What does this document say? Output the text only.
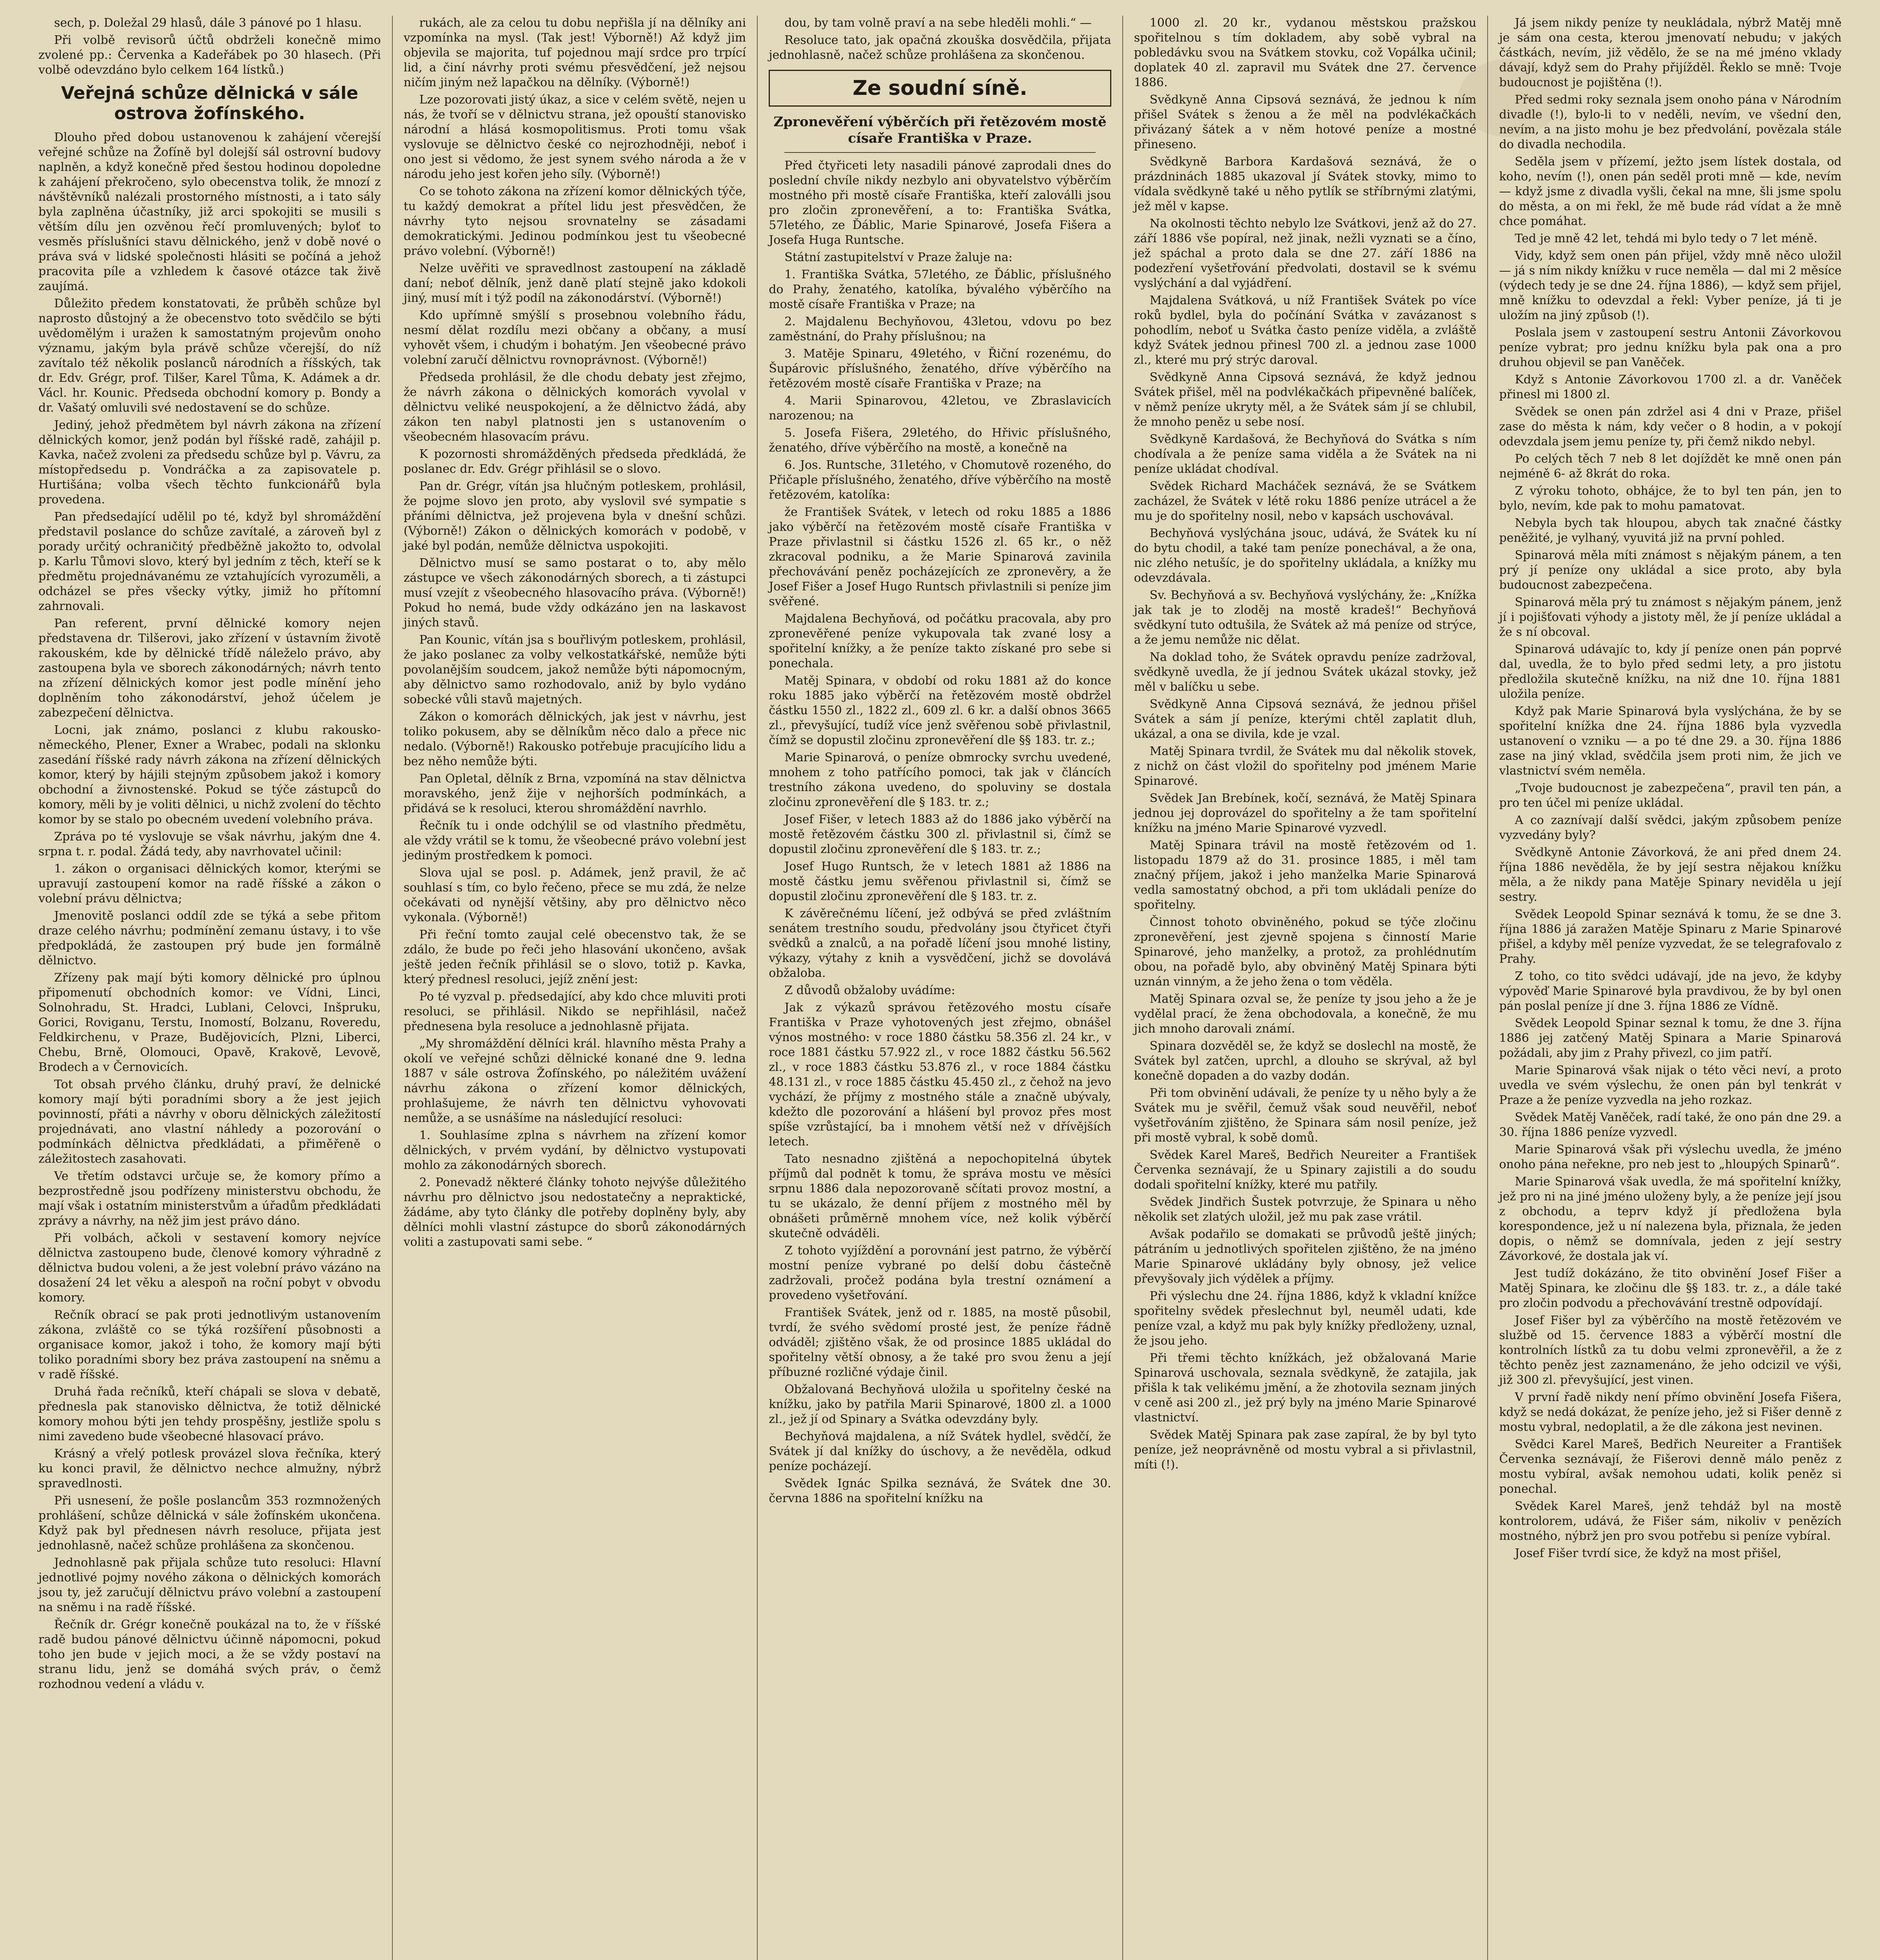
sech, p. Doležal 29 hlasů, dále 3 pánové po 1 hlasu.

Při volbě revisorů účtů obdrželi konečně mimo zvolené pp.: Červenka a Kadeřábek po 30 hlasech. (Při volbě odevzdáno bylo celkem 164 lístků.)

Veřejná schůze dělnická v sále ostrova žofínského.

Dlouho před dobou ustanovenou k zahájení včerejší veřejné schůze na Žofíně byl dolejší sál ostrovní budovy naplněn, a když konečně před šestou hodinou dopoledne k zahájení překročeno, sylo obecenstva tolik, že mnozí z návštěvníků nalézali prostorného místnosti, a i tato sály byla zaplněna účastníky, již arci spokojiti se musili s větším dílu jen ozvěnou řečí promluvených; byloť to vesměs příslušníci stavu dělnického, jenž v době nové o práva svá v lidské společnosti hlásiti se počíná a jehož pracovita píle a vzhledem k časové otázce tak živě zaujímá.

Důležito předem konstatovati, že průběh schůze byl naprosto důstojný a že obecenstvo toto svědčilo se býti uvědomělým i uražen k samostatným projevům onoho významu, jakým byla právě schůze včerejší, do níž zavítalo též několik poslanců národních a říšských, tak dr. Edv. Grégr, prof. Tilšer, Karel Tůma, K. Adámek a dr. Václ. hr. Kounic. Předseda obchodní komory p. Bondy a dr. Vašatý omluvili své nedostavení se do schůze.

Jediný, jehož předmětem byl návrh zákona na zřízení dělnických komor, jenž podán byl říšské radě, zahájil p. Kavka, načež zvoleni za předsedu schůze byl p. Vávru, za místopředsedu p. Vondráčka a za zapisovatele p. Hurtišána; volba všech těchto funkcionářů byla provedena.

Pan předsedající udělil po té, když byl shromáždění představil poslance do schůze zavítalé, a zároveň byl z porady určitý ochraničitý předběžně jakožto to, odvolal p. Karlu Tůmovi slovo, který byl jedním z těch, kteří se k předmětu projednávanému ze vztahujících vyrozuměli, a odcházel se přes všecky výtky, jimiž ho přítomní zahrnovali.

Pan referent, první dělnické komory nejen představena dr. Tilšerovi, jako zřízení v ústavním životě rakouském, kde by dělnické třídě náleželo právo, aby zastoupena byla ve sborech zákonodárných; návrh tento na zřízení dělnických komor jest podle mínění jeho doplněním toho zákonodárství, jehož účelem je zabezpečení dělnictva.

Locni, jak známo, poslanci z klubu rakousko-německého, Plener, Exner a Wrabec, podali na sklonku zasedání říšské rady návrh zákona na zřízení dělnických komor, který by hájili stejným způsobem jakož i komory obchodní a živnostenské. Pokud se týče zástupců do komory, měli by je voliti dělnici, u nichž zvolení do těchto komor by se stalo po obecném uvedení volebního práva.

Zpráva po té vyslovuje se však návrhu, jakým dne 4. srpna t. r. podal. Žádá tedy, aby navrhovatel učinil:

1. zákon o organisaci dělnických komor, kterými se upravují zastoupení komor na radě říšské a zákon o volební právu dělnictva;

Jmenovitě poslanci oddíl zde se týká a sebe přitom draze celého návrhu; podmínění zemanu ústavy, i to vše předpokládá, že zastoupen prý bude jen formálně dělnictvo.

Zřízeny pak mají býti komory dělnické pro úplnou připomenutí obchodních komor: ve Vídni, Linci, Solnohradu, St. Hradci, Lublani, Celovci, Inšpruku, Gorici, Roviganu, Terstu, Inomostí, Bolzanu, Roveredu, Feldkirchenu, v Praze, Budějovicích, Plzni, Liberci, Chebu, Brně, Olomouci, Opavě, Krakově, Levově, Brodech a v Černovicích.

Tot obsah prvého článku, druhý praví, že delnické komory mají býti poradními sbory a že jest jejich povinností, přáti a návrhy v oboru dělnických záležitostí projednávati, ano vlastní náhledy a pozorování o podmínkách dělnictva předkládati, a přiměřeně o záležitostech zasahovati.

Ve třetím odstavci určuje se, že komory přímo a bezprostředně jsou podřízeny ministerstvu obchodu, že mají však i ostatním ministerstvům a úřadům předkládati zprávy a návrhy, na něž jim jest právo dáno.

Při volbách, ačkoli v sestavení komory nejvíce dělnictva zastoupeno bude, členové komory výhradně z dělnictva budou voleni, a že jest volební právo vázáno na dosažení 24 let věku a alespoň na roční pobyt v obvodu komory.

Rečník obrací se pak proti jednotlivým ustanovením zákona, zvláště co se týká rozšíření působnosti a organisace komor, jakož i toho, že komory mají býti toliko poradními sbory bez práva zastoupení na sněmu a v radě říšské.

Druhá řada rečníků, kteří chápali se slova v debatě, přednesla pak stanovisko dělnictva, že totiž dělnické komory mohou býti jen tehdy prospěšny, jestliže spolu s nimi zavedeno bude všeobecné hlasovací právo.

Krásný a vřelý potlesk provázel slova řečníka, který ku konci pravil, že dělnictvo nechce almužny, nýbrž spravedlnosti.

Při usnesení, že pošle poslancům 353 rozmnožených prohlášení, schůze dělnická v sále žofínském ukončena. Když pak byl přednesen návrh resoluce, přijata jest jednohlasně, načež schůze prohlášena za skončenou.

Jednohlasně pak přijala schůze tuto resoluci: Hlavní jednotlivé pojmy nového zákona o dělnických komorách jsou ty, jež zaručují dělnictvu právo volební a zastoupení na sněmu i na radě říšské.

Řečník dr. Grégr konečně poukázal na to, že v říšské radě budou pánové dělnictvu účinně nápomocni, pokud toho jen bude v jejich moci, a že se vždy postaví na stranu lidu, jenž se domáhá svých práv, o čemž rozhodnou vedení a vládu v.

rukách, ale za celou tu dobu nepřišla jí na dělníky ani vzpomínka na mysl. (Tak jest! Výborně!) Až když jim objevila se majorita, tuf pojednou mají srdce pro trpící lid, a činí návrhy proti svému přesvědčení, jež nejsou ničím jiným než lapačkou na dělníky. (Výborně!)

Lze pozorovati jistý úkaz, a sice v celém světě, nejen u nás, že tvoří se v dělnictvu strana, jež opouští stanovisko národní a hlásá kosmopolitismus. Proti tomu však vyslovuje se dělnictvo české co nejrozhodněji, neboť i ono jest si vědomo, že jest synem svého národa a že v národu jeho jest kořen jeho síly. (Výborně!)

Co se tohoto zákona na zřízení komor dělnických týče, tu každý demokrat a přítel lidu jest přesvědčen, že návrhy tyto nejsou srovnatelny se zásadami demokratickými. Jedinou podmínkou jest tu všeobecné právo volební. (Výborně!)

Nelze uvěřiti ve spravedlnost zastoupení na základě daní; neboť dělník, jenž daně platí stejně jako kdokoli jiný, musí mít i týž podíl na zákonodárství. (Výborně!)

Kdo upřímně smýšlí s prosebnou volebního řádu, nesmí dělat rozdílu mezi občany a občany, a musí vyhovět všem, i chudým i bohatým. Jen všeobecné právo volební zaručí dělnictvu rovnoprávnost. (Výborně!)

Předseda prohlásil, že dle chodu debaty jest zřejmo, že návrh zákona o dělnických komorách vyvolal v dělnictvu veliké neuspokojení, a že dělnictvo žádá, aby zákon ten nabyl platnosti jen s ustanovením o všeobecném hlasovacím právu.

K pozornosti shromážděných předseda předkládá, že poslanec dr. Edv. Grégr přihlásil se o slovo.

Pan dr. Grégr, vítán jsa hlučným potleskem, prohlásil, že pojme slovo jen proto, aby vyslovil své sympatie s přáními dělnictva, jež projevena byla v dnešní schůzi. (Výborně!) Zákon o dělnických komorách v podobě, v jaké byl podán, nemůže dělnictva uspokojiti.

Dělnictvo musí se samo postarat o to, aby mělo zástupce ve všech zákonodárných sborech, a ti zástupci musí vzejít z všeobecného hlasovacího práva. (Výborně!) Pokud ho nemá, bude vždy odkázáno jen na laskavost jiných stavů.

Pan Kounic, vítán jsa s bouřlivým potleskem, prohlásil, že jako poslanec za volby velkostatkářské, nemůže býti povolanějším soudcem, jakož nemůže býti nápomocným, aby dělnictvo samo rozhodovalo, aniž by bylo vydáno sobecké vůli stavů majetných.

Zákon o komorách dělnických, jak jest v návrhu, jest toliko pokusem, aby se dělníkům něco dalo a přece nic nedalo. (Výborně!) Rakousko potřebuje pracujícího lidu a bez něho nemůže býti.

Pan Opletal, dělník z Brna, vzpomíná na stav dělnictva moravského, jenž žije v nejhorších podmínkách, a přidává se k resoluci, kterou shromáždění navrhlo.

Řečník tu i onde odchýlil se od vlastního předmětu, ale vždy vrátil se k tomu, že všeobecné právo volební jest jediným prostředkem k pomoci.

Slova ujal se posl. p. Adámek, jenž pravil, že ač souhlasí s tím, co bylo řečeno, přece se mu zdá, že nelze očekávati od nynější většiny, aby pro dělnictvo něco vykonala. (Výborně!)

Při řeční tomto zaujal celé obecenstvo tak, že se zdálo, že bude po řeči jeho hlasování ukončeno, avšak ještě jeden řečník přihlásil se o slovo, totiž p. Kavka, který přednesl resoluci, jejíž znění jest:

Po té vyzval p. předsedající, aby kdo chce mluviti proti resoluci, se přihlásil. Nikdo se nepřihlásil, načež přednesena byla resoluce a jednohlasně přijata.

„My shromáždění dělníci král. hlavního města Prahy a okolí ve veřejné schůzi dělnické konané dne 9. ledna 1887 v sále ostrova Žofínského, po náležitém uvážení návrhu zákona o zřízení komor dělnických, prohlašujeme, že návrh ten dělnictvu vyhovovati nemůže, a se usnášíme na následující resoluci:

1. Souhlasíme zplna s návrhem na zřízení komor dělnických, v prvém vydání, by dělnictvo vystupovati mohlo za zákonodárných sborech.

2. Ponevadž některé články tohoto nejvýše důležitého návrhu pro dělnictvo jsou nedostatečny a nepraktické, žádáme, aby tyto články dle potřeby doplněny byly, aby dělníci mohli vlastní zástupce do sborů zákonodárných voliti a zastupovati sami sebe. “

dou, by tam volně praví a na sebe hleděli mohli.“ —

Resoluce tato, jak opačná zkouška dosvědčila, přijata jednohlasně, načež schůze prohlášena za skončenou.

Ze soudní síně.
Zpronevěření výběrčích při řetězovém mostě císaře Františka v Praze.

Před čtyřiceti lety nasadili pánové zaprodali dnes do poslední chvíle nikdy nezbylo ani obyvatelstvo výběrčím mostného při mostě císaře Františka, kteří zaloválli jsou pro zločin zpronevěření, a to: Františka Svátka, 57letého, ze Ďáblic, Marie Spinarové, Josefa Fišera a Josefa Huga Runtsche.

Státní zastupitelství v Praze žaluje na:

1. Františka Svátka, 57letého, ze Ďáblic, příslušného do Prahy, ženatého, katolíka, bývalého výběrčího na mostě císaře Františka v Praze; na

2. Majdalenu Bechyňovou, 43letou, vdovu po bez zaměstnání, do Prahy příslušnou; na

3. Matěje Spinaru, 49letého, v Řiční rozenému, do Šupárovic příslušného, ženatého, dříve výběrčího na řetězovém mostě císaře Františka v Praze; na

4. Marii Spinarovou, 42letou, ve Zbraslavicích narozenou; na

5. Josefa Fišera, 29letého, do Hřivic příslušného, ženatého, dříve výběrčího na mostě, a konečně na

6. Jos. Runtsche, 31letého, v Chomutově rozeného, do Přičaple příslušného, ženatého, dříve výběrčího na mostě řetězovém, katolíka:

že František Svátek, v letech od roku 1885 a 1886 jako výběrčí na řetězovém mostě císaře Františka v Praze přivlastnil si částku 1526 zl. 65 kr., o něž zkracoval podniku, a že Marie Spinarová zavinila přechovávání peněz pocházejících ze zpronevěry, a že Josef Fišer a Josef Hugo Runtsch přivlastnili si peníze jim svěřené.

Majdalena Bechyňová, od počátku pracovala, aby pro zpronevěřené peníze vykupovala tak zvané losy a spořitelní knížky, a že peníze takto získané pro sebe si ponechala.

Matěj Spinara, v období od roku 1881 až do konce roku 1885 jako výběrčí na řetězovém mostě obdržel částku 1550 zl., 1822 zl., 609 zl. 6 kr. a další obnos 3665 zl., převyšující, tudíž více jenž svěřenou sobě přivlastnil, čímž se dopustil zločinu zpronevěření dle §§ 183. tr. z.;

Marie Spinarová, o peníze obmrocky svrchu uvedené, mnohem z toho patřícího pomoci, tak jak v článcích trestního zákona uvedeno, do spoluviny se dostala zločinu zpronevěření dle § 183. tr. z.;

Josef Fišer, v letech 1883 až do 1886 jako výběrčí na mostě řetězovém částku 300 zl. přivlastnil si, čímž se dopustil zločinu zpronevěření dle § 183. tr. z.;

Josef Hugo Runtsch, že v letech 1881 až 1886 na mostě částku jemu svěřenou přivlastnil si, čímž se dopustil zločinu zpronevěření dle § 183. tr. z.

K závěrečnému líčení, jež odbývá se před zvláštním senátem trestního soudu, předvolány jsou čtyřicet čtyři svědků a znalců, a na pořadě líčení jsou mnohé listiny, výkazy, výtahy z knih a vysvědčení, jichž se dovolává obžaloba.

Z důvodů obžaloby uvádíme:

Jak z výkazů správou řetězového mostu císaře Františka v Praze vyhotovených jest zřejmo, obnášel výnos mostného: v roce 1880 částku 58.356 zl. 24 kr., v roce 1881 částku 57.922 zl., v roce 1882 částku 56.562 zl., v roce 1883 částku 53.876 zl., v roce 1884 částku 48.131 zl., v roce 1885 částku 45.450 zl., z čehož na jevo vychází, že příjmy z mostného stále a značně ubývaly, kdežto dle pozorování a hlášení byl provoz přes most spíše vzrůstající, ba i mnohem větší než v dřívějších letech.

Tato nesnadno zjištěná a nepochopitelná úbytek příjmů dal podnět k tomu, že správa mostu ve měsíci srpnu 1886 dala nepozorovaně sčítati provoz mostní, a tu se ukázalo, že denní příjem z mostného měl by obnášeti průměrně mnohem více, než kolik výběrčí skutečně odváděli.

Z tohoto vyjíždění a porovnání jest patrno, že výběrčí mostní peníze vybrané po delší dobu částečně zadržovali, pročež podána byla trestní oznámení a provedeno vyšetřování.

František Svátek, jenž od r. 1885, na mostě působil, tvrdí, že svého svědomí prosté jest, že peníze řádně odváděl; zjištěno však, že od prosince 1885 ukládal do spořitelny větší obnosy, a že také pro svou ženu a její příbuzné rozličné výdaje činil.

Obžalovaná Bechyňová uložila u spořitelny české na knížku, jako by patřila Marii Spinarové, 1800 zl. a 1000 zl., jež jí od Spinary a Svátka odevzdány byly.

Bechyňová majdalena, a níž Svátek hydlel, svědčí, že Svátek jí dal knížky do úschovy, a že nevěděla, odkud peníze pocházejí.

Svědek Ignác Spilka seznává, že Svátek dne 30. června 1886 na spořitelní knížku na

1000 zl. 20 kr., vydanou městskou pražskou spořitelnou s tím dokladem, aby sobě vybral na pobledávku svou na Svátkem stovku, což Vopálka učinil; doplatek 40 zl. zapravil mu Svátek dne 27. července 1886.

Svědkyně Anna Cipsová seznává, že jednou k ním přišel Svátek s ženou a že měl na podvlékačkách přivázaný šátek a v něm hotové peníze a mostné přineseno.

Svědkyně Barbora Kardašová seznává, že o prázdninách 1885 ukazoval jí Svátek stovky, mimo to vídala svědkyně také u něho pytlík se stříbrnými zlatými, jež měl v kapse.

Na okolnosti těchto nebylo lze Svátkovi, jenž až do 27. září 1886 vše popíral, než jinak, nežli vyznati se a číno, jež spáchal a proto dala se dne 27. září 1886 na podezření vyšetřování předvolati, dostavil se k svému vyslýchání a dal vyjádření.

Majdalena Svátková, u níž František Svátek po více roků bydlel, byla do počínání Svátka v zavázanost s pohodlím, neboť u Svátka často peníze viděla, a zvláště když Svátek jednou přinesl 700 zl. a jednou zase 1000 zl., které mu prý strýc daroval.

Svědkyně Anna Cipsová seznává, že když jednou Svátek přišel, měl na podvlékačkách připevněné balíček, v němž peníze ukryty měl, a že Svátek sám jí se chlubil, že mnoho peněz u sebe nosí.

Svědkyně Kardašová, že Bechyňová do Svátka s ním chodívala a že peníze sama viděla a že Svátek na ni peníze ukládat chodíval.

Svědek Richard Macháček seznává, že se Svátkem zacházel, že Svátek v létě roku 1886 peníze utrácel a že mu je do spořitelny nosil, nebo v kapsách uschovával.

Bechyňová vyslýchána jsouc, udává, že Svátek ku ní do bytu chodil, a také tam peníze ponechával, a že ona, nic zlého netušíc, je do spořitelny ukládala, a knížky mu odevzdávala.

Sv. Bechyňová a sv. Bechyňová vyslýchány, že: „Knížka jak tak je to zloděj na mostě kradeš!“ Bechyňová svědkyní tuto odtušila, že Svátek až má peníze od strýce, a že jemu nemůže nic dělat.

Na doklad toho, že Svátek opravdu peníze zadržoval, svědkyně uvedla, že jí jednou Svátek ukázal stovky, jež měl v balíčku u sebe.

Svědkyně Anna Cipsová seznává, že jednou přišel Svátek a sám jí peníze, kterými chtěl zaplatit dluh, ukázal, a ona se divila, kde je vzal.

Matěj Spinara tvrdil, že Svátek mu dal několik stovek, z nichž on část vložil do spořitelny pod jménem Marie Spinarové.

Svědek Jan Brebínek, kočí, seznává, že Matěj Spinara jednou jej doprovázel do spořitelny a že tam spořitelní knížku na jméno Marie Spinarové vyzvedl.

Matěj Spinara trávil na mostě řetězovém od 1. listopadu 1879 až do 31. prosince 1885, i měl tam značný příjem, jakož i jeho manželka Marie Spinarová vedla samostatný obchod, a při tom ukládali peníze do spořitelny.

Činnost tohoto obviněného, pokud se týče zločinu zpronevěření, jest zjevně spojena s činností Marie Spinarové, jeho manželky, a protož, za prohlédnutím obou, na pořadě bylo, aby obviněný Matěj Spinara býti uznán vinným, a že jeho žena o tom věděla.

Matěj Spinara ozval se, že peníze ty jsou jeho a že je vydělal prací, že žena obchodovala, a konečně, že mu jich mnoho darovali známí.

Spinara dozvěděl se, že když se doslechl na mostě, že Svátek byl zatčen, uprchl, a dlouho se skrýval, až byl konečně dopaden a do vazby dodán.

Při tom obvinění udávali, že peníze ty u něho byly a že Svátek mu je svěřil, čemuž však soud neuvěřil, neboť vyšetřováním zjištěno, že Spinara sám nosil peníze, jež při mostě vybral, k sobě domů.

Svědek Karel Mareš, Bedřich Neureiter a František Červenka seznávají, že u Spinary zajistili a do soudu dodali spořitelní knížky, které mu patřily.

Svědek Jindřich Šustek potvrzuje, že Spinara u něho několik set zlatých uložil, jež mu pak zase vrátil.

Avšak podařilo se domakati se průvodů ještě jiných; pátráním u jednotlivých spořitelen zjištěno, že na jméno Marie Spinarové ukládány byly obnosy, jež velice převyšovaly jich výdělek a příjmy.

Při výslechu dne 24. října 1886, když k vkladní knížce spořitelny svědek přeslechnut byl, neuměl udati, kde peníze vzal, a když mu pak byly knížky předloženy, uznal, že jsou jeho.

Při třemi těchto knížkách, jež obžalovaná Marie Spinarová uschovala, seznala svědkyně, že zatajila, jak přišla k tak velikému jmění, a že zhotovila seznam jiných v ceně asi 200 zl., jež prý byly na jméno Marie Spinarové vlastnictví.

Svědek Matěj Spinara pak zase zapíral, že by byl tyto peníze, jež neoprávněně od mostu vybral a si přivlastnil, míti (!).

Já jsem nikdy peníze ty neukládala, nýbrž Matěj mně je sám ona cesta, kterou jmenovatí nebudu; v jakých částkách, nevím, již vědělo, že se na mé jméno vklady dávají, když sem do Prahy přijížděl. Řeklo se mně: Tvoje budoucnost je pojištěna (!).

Před sedmi roky seznala jsem onoho pána v Národním divadle (!), bylo-li to v neděli, nevím, ve všední den, nevím, a na jisto mohu je bez předvolání, povězala stále do divadla nechodila.

Seděla jsem v přízemí, ježto jsem lístek dostala, od koho, nevím (!), onen pán seděl proti mně — kde, nevím — když jsme z divadla vyšli, čekal na mne, šli jsme spolu do města, a on mi řekl, že mě bude rád vídat a že mně chce pomáhat.

Ted je mně 42 let, tehdá mi bylo tedy o 7 let méně.

Vidy, když sem onen pán přijel, vždy mně něco uložil — já s ním nikdy knížku v ruce neměla — dal mi 2 měsíce (výdech tedy je se dne 24. října 1886), — když sem přijel, mně knížku to odevzdal a řekl: Vyber peníze, já ti je uložím na jiný způsob (!).

Poslala jsem v zastoupení sestru Antonii Závorkovou peníze vybrat; pro jednu knížku byla pak ona a pro druhou objevil se pan Vaněček.

Když s Antonie Závorkovou 1700 zl. a dr. Vaněček přinesl mi 1800 zl.

Svědek se onen pán zdržel asi 4 dni v Praze, přišel zase do města k nám, kdy večer o 8 hodin, a v pokojí odevzdala jsem jemu peníze ty, při čemž nikdo nebyl.

Po celých těch 7 neb 8 let dojíždět ke mně onen pán nejméně 6- až 8krát do roka.

Z výroku tohoto, obhájce, že to byl ten pán, jen to bylo, nevím, kde pak to mohu pamatovat.

Nebyla bych tak hloupou, abych tak značné částky peněžité, je vylhaný, vyuvitá již na první pohled.

Spinarová měla míti známost s nějakým pánem, a ten prý jí peníze ony ukládal a sice proto, aby byla budoucnost zabezpečena.

Spinarová měla prý tu známost s nějakým pánem, jenž jí i pojišťovati výhody a jistoty měl, že jí peníze ukládal a že s ní obcoval.

Spinarová udávajíc to, kdy jí peníze onen pán poprvé dal, uvedla, že to bylo před sedmi lety, a pro jistotu předložila skutečně knížku, na niž dne 10. října 1881 uložila peníze.

Když pak Marie Spinarová byla vyslýchána, že by se spořitelní knížka dne 24. října 1886 byla vyzvedla ustanovení o vzniku — a po té dne 29. a 30. října 1886 zase na jiný vklad, svědčila jsem proti nim, že jich ve vlastnictví svém neměla.

„Tvoje budoucnost je zabezpečena“, pravil ten pán, a pro ten účel mi peníze ukládal.

A co zaznívají další svědci, jakým způsobem peníze vyzvedány byly?

Svědkyně Antonie Závorková, že ani před dnem 24. října 1886 nevěděla, že by její sestra nějakou knížku měla, a že nikdy pana Matěje Spinary neviděla u její sestry.

Svědek Leopold Spinar seznává k tomu, že se dne 3. října 1886 já zaražen Matěje Spinaru z Marie Spinarové přišel, a kdyby měl peníze vyzvedat, že se telegrafovalo z Prahy.

Z toho, co tito svědci udávají, jde na jevo, že kdyby výpověď Marie Spinarové byla pravdivou, že by byl onen pán poslal peníze jí dne 3. října 1886 ze Vídně.

Svědek Leopold Spinar seznal k tomu, že dne 3. října 1886 jej zatčený Matěj Spinara a Marie Spinarová požádali, aby jim z Prahy přivezl, co jim patří.

Marie Spinarová však nijak o této věci neví, a proto uvedla ve svém výslechu, že onen pán byl tenkrát v Praze a že peníze vyzvedla na jeho rozkaz.

Svědek Matěj Vaněček, radí také, že ono pán dne 29. a 30. října 1886 peníze vyzvedl.

Marie Spinarová však při výslechu uvedla, že jméno onoho pána neřekne, pro neb jest to „hloupých Spinarů“.

Marie Spinarová však uvedla, že má spořitelní knížky, jež pro ni na jiné jméno uloženy byly, a že peníze její jsou z obchodu, a teprv když jí předložena byla korespondence, jež u ní nalezena byla, přiznala, že jeden dopis, o němž se domnívala, jeden z její sestry Závorkové, že dostala jak ví.

Jest tudíž dokázáno, že tito obvinění Josef Fišer a Matěj Spinara, ke zločinu dle §§ 183. tr. z., a dále také pro zločin podvodu a přechovávání trestně odpovídají.

Josef Fišer byl za výběrčího na mostě řetězovém ve službě od 15. července 1883 a výběrčí mostní dle kontrolních lístků za tu dobu velmi zpronevěřil, a že z těchto peněz jest zaznamenáno, že jeho odcizil ve výši, již 300 zl. převyšující, jest vinen.

V první řadě nikdy není přímo obvinění Josefa Fišera, když se nedá dokázat, že peníze jeho, jež si Fišer denně z mostu vybral, nedoplatil, a že dle zákona jest nevinen.

Svědci Karel Mareš, Bedřich Neureiter a František Červenka seznávají, že Fišerovi denně málo peněz z mostu vybíral, avšak nemohou udati, kolik peněz si ponechal.

Svědek Karel Mareš, jenž tehdáž byl na mostě kontrolorem, udává, že Fišer sám, nikoliv v penězích mostného, nýbrž jen pro svou potřebu si peníze vybíral.

Josef Fišer tvrdí sice, že když na most přišel,
